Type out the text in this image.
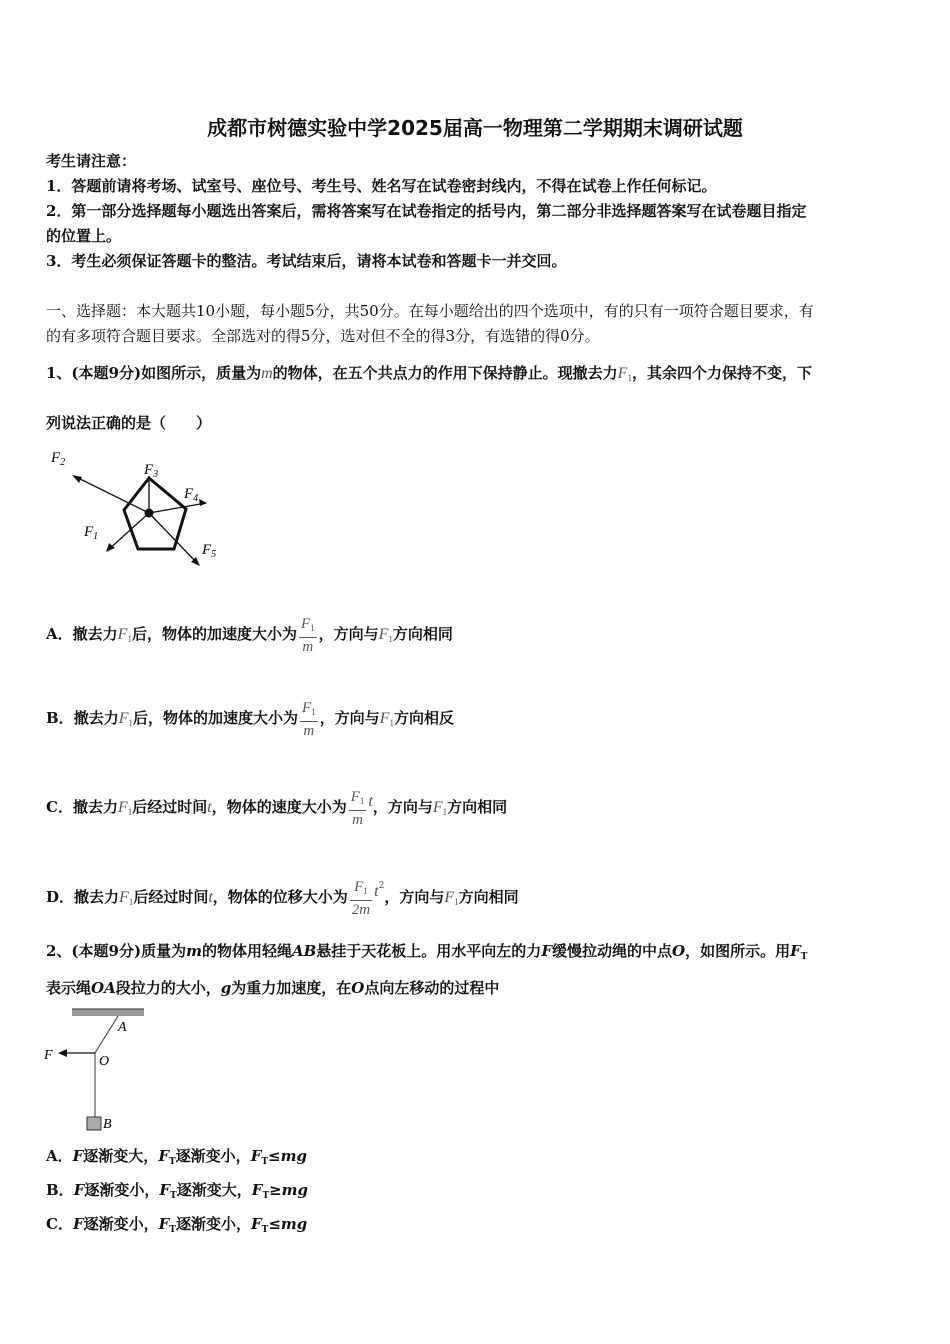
成都市树德实验中学2025届高一物理第二学期期末调研试题
考生请注意：
1．答题前请将考场、试室号、座位号、考生号、姓名写在试卷密封线内，不得在试卷上作任何标记。
2．第一部分选择题每小题选出答案后，需将答案写在试卷指定的括号内，第二部分非选择题答案写在试卷题目指定
的位置上。
3．考生必须保证答题卡的整洁。考试结束后，请将本试卷和答题卡一并交回。
一、选择题：本大题共10小题，每小题5分，共50分。在每小题给出的四个选项中，有的只有一项符合题目要求，有
的有多项符合题目要求。全部选对的得5分，选对但不全的得3分，有选错的得0分。
1、(本题9分)如图所示，质量为m的物体，在五个共点力的作用下保持静止。现撤去力$F_1$，其余四个力保持不变，下
列说法正确的是（　　）
$F_2$	$F_3$
$F_4$
$F_1$
$F_5$
A．撤去力$F_1$后，物体的加速度大小为 $\frac{F_1}{m}$ ，方向与$F_1$方向相同
B．撤去力$F_1$后，物体的加速度大小为 $\frac{F_1}{m}$ ，方向与$F_1$方向相反
C．撤去力$F_1$后经过时间t，物体的速度大小为 $\frac{F_1}{m}$ t，方向与$F_1$方向相同
D．撤去力$F_1$后经过时间t，物体的位移大小为 $\frac{F_1}{2m} t^2$，方向与$F_1$方向相同
2、(本题9分)质量为m的物体用轻绳AB悬挂于天花板上。用水平向左的力F缓慢拉动绳的中点O，如图所示。用$F_T$
表示绳OA段拉力的大小，g为重力加速度，在O点向左移动的过程中
A
O
F
B
A．F逐渐变大，$F_T$逐渐变小，$F_T\le mg$
B．F逐渐变小，$F_T$逐渐变大，$F_T\ge mg$
C．F逐渐变小，$F_T$逐渐变小，$F_T\le mg$
